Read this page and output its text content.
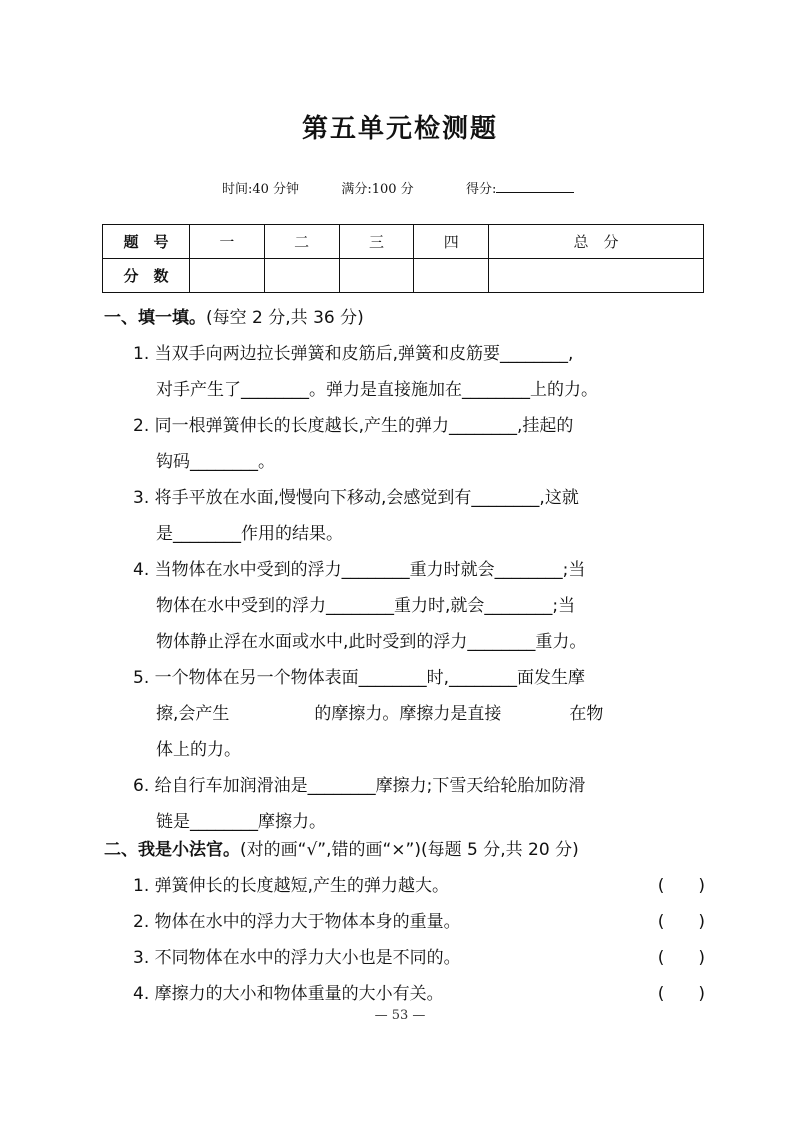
第五单元检测题
时间:40 分钟	满分:100 分	得分:
题　号	一	二	三	四	总　分
分　数					
一、填一填。(每空 2 分,共 36 分)
1. 当双手向两边拉长弹簧和皮筋后,弹簧和皮筋要________,
对手产生了________。弹力是直接施加在________上的力。
2. 同一根弹簧伸长的长度越长,产生的弹力________,挂起的
钩码________。
3. 将手平放在水面,慢慢向下移动,会感觉到有________,这就
是________作用的结果。
4. 当物体在水中受到的浮力________重力时就会________;当
物体在水中受到的浮力________重力时,就会________;当
物体静止浮在水面或水中,此时受到的浮力________重力。
5. 一个物体在另一个物体表面________时,________面发生摩
擦,会产生　　　　　的摩擦力。摩擦力是直接　　　　在物
体上的力。
6. 给自行车加润滑油是________摩擦力;下雪天给轮胎加防滑
链是________摩擦力。
二、我是小法官。(对的画“√”,错的画“×”)(每题 5 分,共 20 分)
1. 弹簧伸长的长度越短,产生的弹力越大。	(　　)
2. 物体在水中的浮力大于物体本身的重量。	(　　)
3. 不同物体在水中的浮力大小也是不同的。	(　　)
4. 摩擦力的大小和物体重量的大小有关。	(　　)
— 53 —
